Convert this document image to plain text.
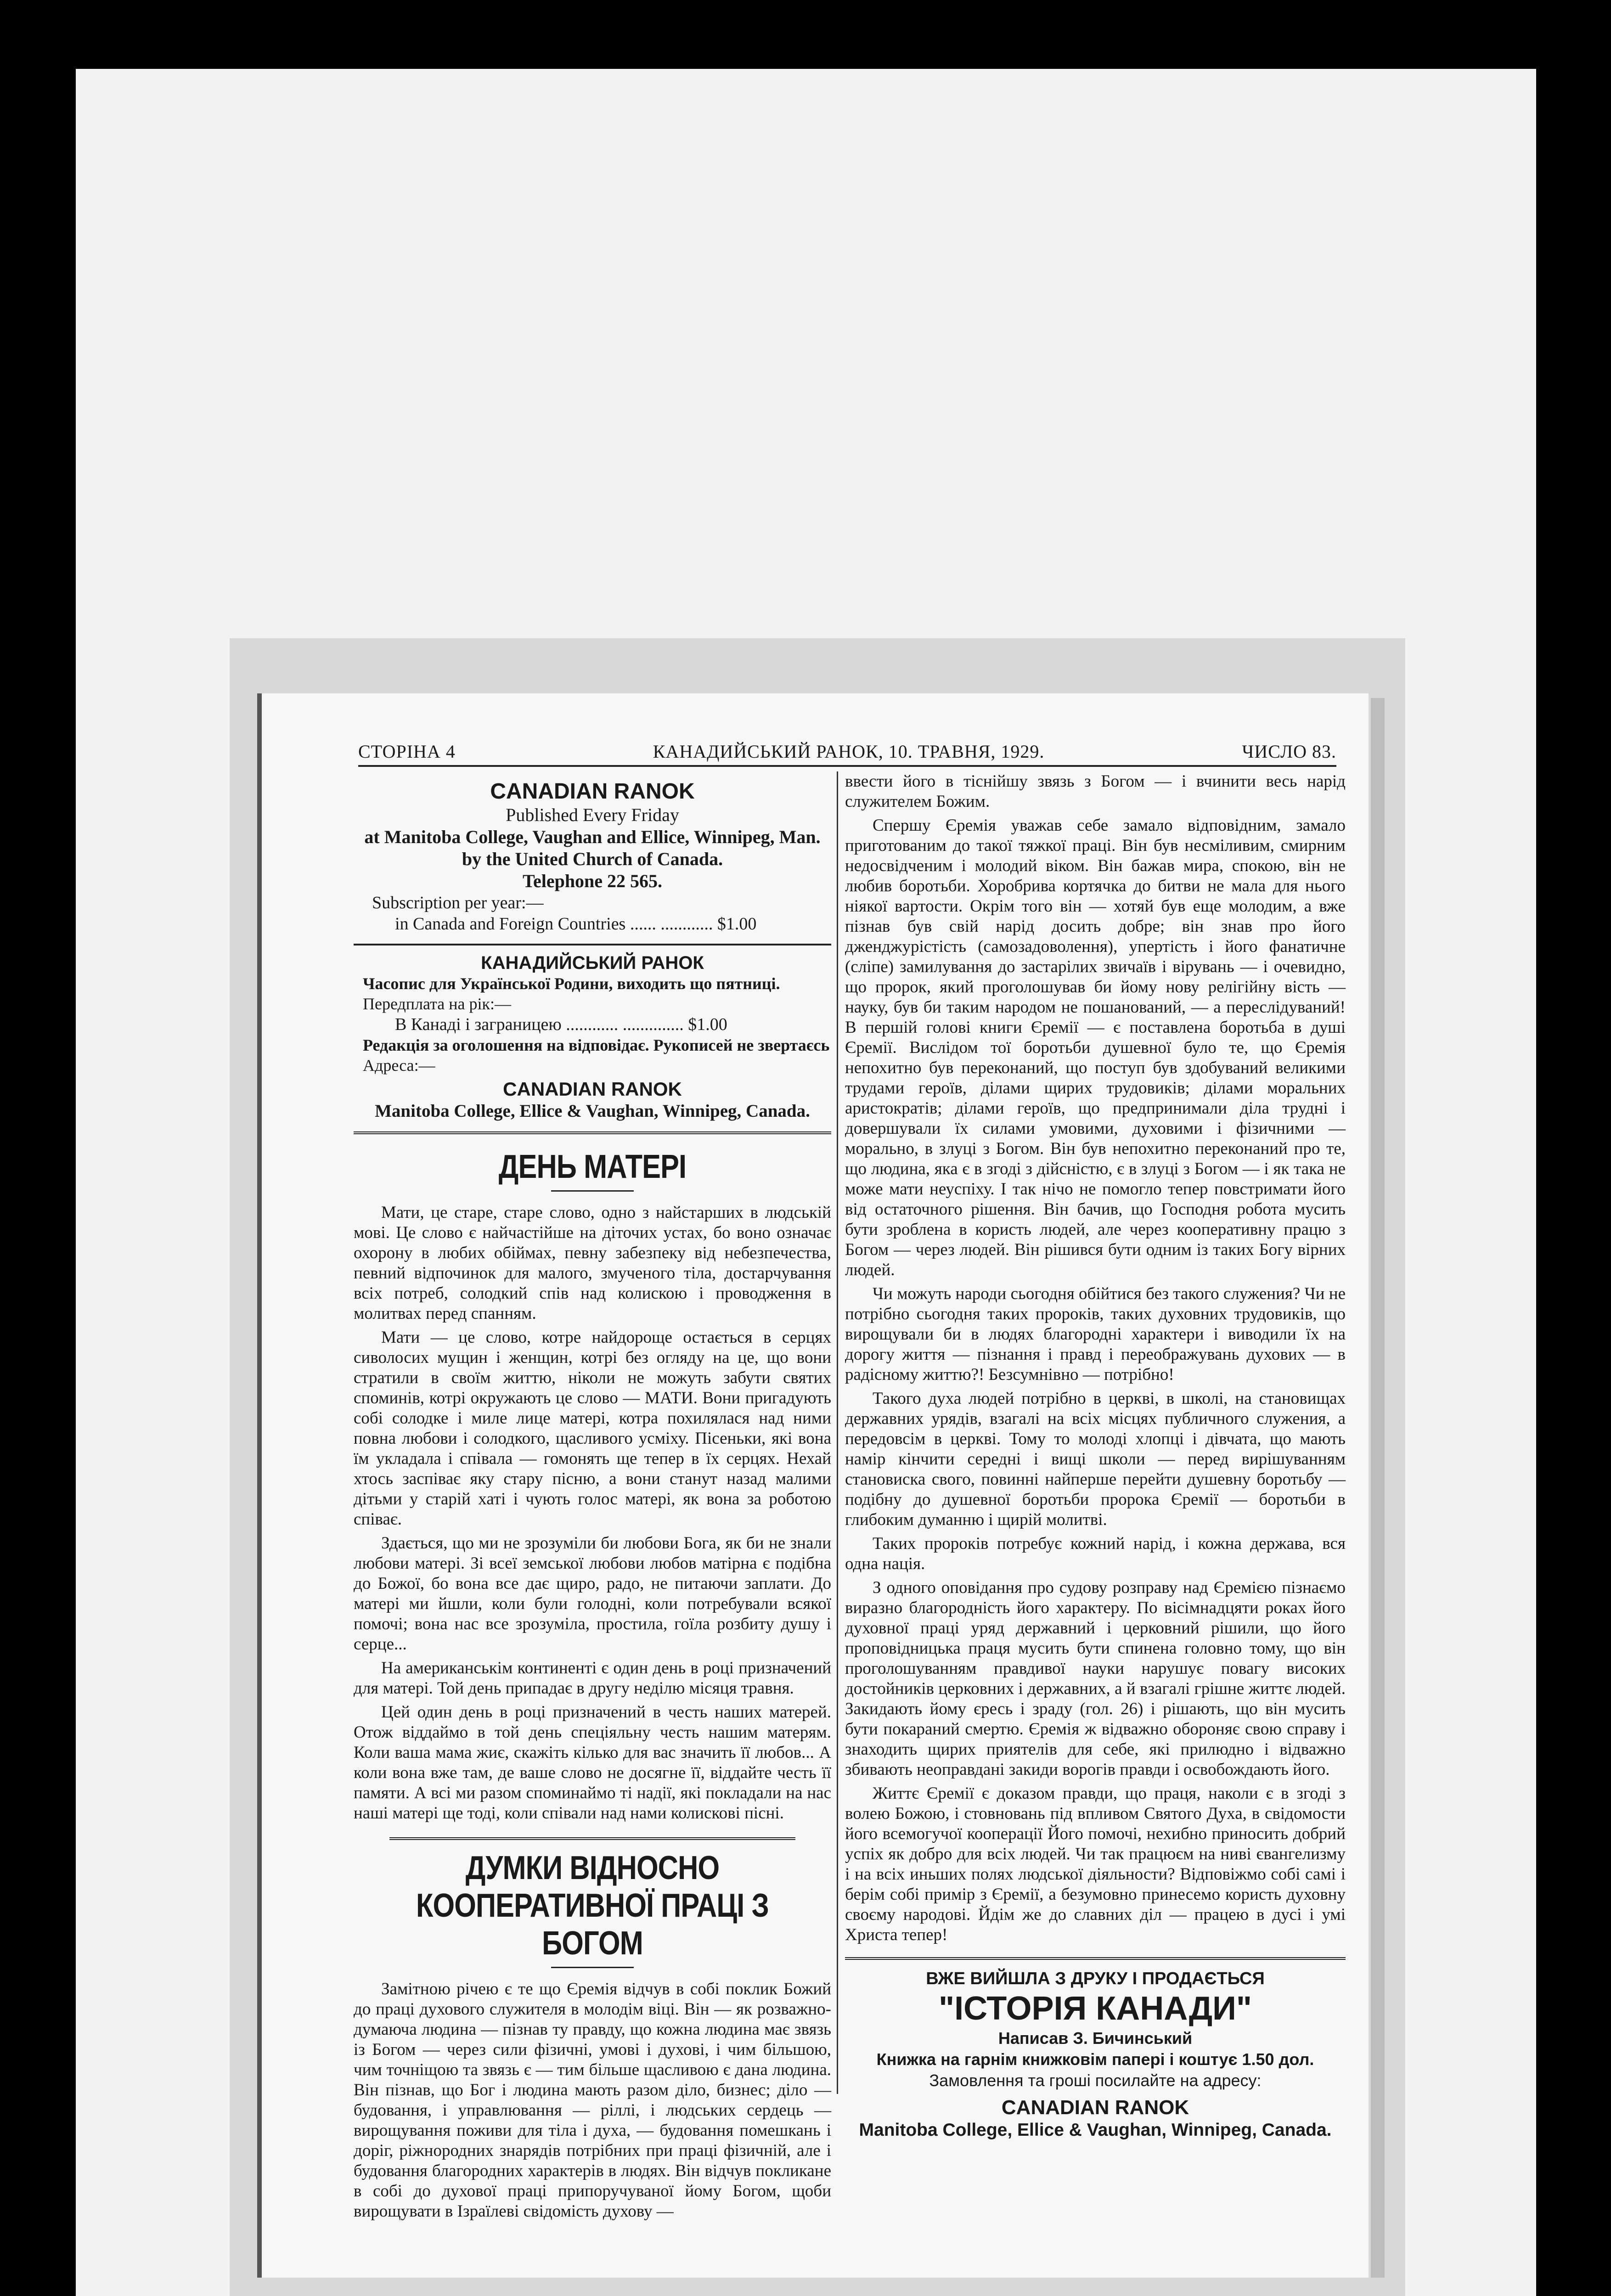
СТОРІНА 4	КАНАДИЙСЬКИЙ РАНОК, 10. ТРАВНЯ, 1929.	ЧИСЛО 83.
CANADIAN RANOK
Published Every Friday
at Manitoba College, Vaughan and Ellice, Winnipeg, Man.
by the United Church of Canada.
Telephone 22 565.
Subscription per year:—
in Canada and Foreign Countries ...... ............ $1.00
КАНАДИЙСЬКИЙ РАНОК
Часопис для Української Родини, виходить що пятниці.
Передплата на рік:—
В Канаді і заграницею ............ .............. $1.00
Редакція за оголошення на відповідає. Рукописей не звертаєсь
Адреса:—
CANADIAN RANOK
Manitoba College, Ellice & Vaughan, Winnipeg, Canada.
ДЕНЬ МАТЕРІ

Мати, це старе, старе слово, одно з найстарших в людській мові. Це слово є найчастійше на діточих устах, бо воно означає охорону в любих обіймах, певну забезпеку від небезпечества, певний відпочинок для малого, змученого тіла, достарчування всіх потреб, солодкий спів над колискою і проводження в молитвах перед спанням.

Мати — це слово, котре найдороще остається в серцях сиволосих мущин і женщин, котрі без огляду на це, що вони стратили в своїм життю, ніколи не можуть забути святих споминів, котрі окружають це слово — МАТИ. Вони пригадують собі солодке і миле лице матері, котра похилялася над ними повна любови і солодкого, щасливого усміху. Пісеньки, які вона їм укладала і співала — гомонять ще тепер в їх серцях. Нехай хтось заспіває яку стару пісню, а вони станут назад малими дітьми у старій хаті і чують голос матері, як вона за роботою співає.

Здається, що ми не зрозуміли би любови Бога, як би не знали любови матері. Зі всеї земської любови любов матірна є подібна до Божої, бо вона все дає щиро, радо, не питаючи заплати. До матері ми йшли, коли були голодні, коли потребували всякої помочі; вона нас все зрозуміла, простила, гоїла розбиту душу і серце...

На американськім континенті є один день в році призначений для матері. Той день припадає в другу неділю місяця травня.

Цей один день в році призначений в честь наших матерей. Отож віддаймо в той день спеціяльну честь нашим матерям. Коли ваша мама жиє, скажіть кілько для вас значить її любов... А коли вона вже там, де ваше слово не досягне її, віддайте честь її памяти. А всі ми разом споминаймо ті надії, які покладали на нас наші матері ще тоді, коли співали над нами колискові пісні.

ДУМКИ ВІДНОСНО КООПЕРАТИВНОЇ ПРАЦІ З БОГОМ

Замітною річею є те що Єремія відчув в собі поклик Божий до праці духового служителя в молодім віці. Він — як розважно-думаюча людина — пізнав ту правду, що кожна людина має звязь із Богом — через сили фізичні, умові і духові, і чим більшою, чим точніщою та звязь є — тим більше щасливою є дана людина. Він пізнав, що Бог і людина мають разом діло, бизнес; діло — будовання, і управлювання — ріллі, і людських сердець — вирощування поживи для тіла і духа, — будовання помешкань і доріг, ріжнородних знарядів потрібних при праці фізичній, але і будовання благородних характерів в людях. Він відчув покликане в собі до духової праці припоручуваної йому Богом, щоби вирощувати в Ізраїлеві свідомість духову —

ввести його в тіснійшу звязь з Богом — і вчинити весь нарід служителем Божим.

Спершу Єремія уважав себе замало відповідним, замало приготованим до такої тяжкої праці. Він був несміливим, смирним недосвідченим і молодий віком. Він бажав мира, спокою, він не любив боротьби. Хоробрива кортячка до битви не мала для нього ніякої вартости. Окрім того він — хотяй був еще молодим, а вже пізнав був свій нарід досить добре; він знав про його дженджурістість (самозадоволення), упертість і його фанатичне (сліпе) замилування до застарілих звичаїв і вірувань — і очевидно, що пророк, який проголошував би йому нову релігійну вість — науку, був би таким народом не пошанований, — а переслідуваний! В першій голові книги Єремії — є поставлена боротьба в душі Єремії. Вислідом тої боротьби душевної було те, що Єремія непохитно був переконаний, що поступ був здобуваний великими трудами героїв, ділами щирих трудовиків; ділами моральних аристократів; ділами героїв, що предпринимали діла трудні і довершували їх силами умовими, духовими і фізичними — морально, в злуці з Богом. Він був непохитно переконаний про те, що людина, яка є в згоді з дійсністю, є в злуці з Богом — і як така не може мати неуспіху. І так нічо не помогло тепер повстримати його від остаточного рішення. Він бачив, що Господня робота мусить бути зроблена в користь людей, але через кооперативну працю з Богом — через людей. Він рішився бути одним із таких Богу вірних людей.

Чи можуть народи сьогодня обійтися без такого служения? Чи не потрібно сьогодня таких пророків, таких духовних трудовиків, що вирощували би в людях благородні характери і виводили їх на дорогу життя — пізнання і правд і переображувань духових — в радісному життю?! Безсумнівно — потрібно!

Такого духа людей потрібно в церкві, в школі, на становищах державних урядів, взагалі на всіх місцях публичного служения, а передовсім в церкві. Тому то молоді хлопці і дівчата, що мають намір кінчити середні і вищі школи — перед вирішуванням становиска свого, повинні найперше перейти душевну боротьбу — подібну до душевної боротьби пророка Єремії — боротьби в глибоким думанню і щирій молитві.

Таких пророків потребує кожний нарід, і кожна держава, вся одна нація.

З одного оповідання про судову розправу над Єремією пізнаємо виразно благородність його характеру. По вісімнадцяти роках його духовної праці уряд державний і церковний рішили, що його проповідницька праця мусить бути спинена головно тому, що він проголошуванням правдивої науки нарушує повагу високих достойників церковних і державних, а й взагалі грішне життє людей. Закидають йому єресь і зраду (гол. 26) і рішають, що він мусить бути покараний смертю. Єремія ж відважно обороняє свою справу і знаходить щирих приятелів для себе, які прилюдно і відважно збивають неоправдані закиди ворогів правди і освобождають його.

Життє Єремії є доказом правди, що праця, наколи є в згоді з волею Божою, і стовновань під впливом Святого Духа, в свідомости його всемогучої кооперації Його помочі, нехибно приносить добрий успіх як добро для всіх людей. Чи так працюєм на ниві євангелизму і на всіх иньших полях людської діяльности? Відповіжмо собі самі і берім собі примір з Єремії, а безумовно принесемо користь духовну своєму народові. Йдім же до славних діл — працею в дусі і умі Христа тепер!

ВЖЕ ВИЙШЛА З ДРУКУ І ПРОДАЄТЬСЯ
"ІСТОРІЯ КАНАДИ"
Написав З. Бичинський
Книжка на гарнім книжковім папері і коштує 1.50 дол.
Замовлення та гроші посилайте на адресу:
CANADIAN RANOK
Manitoba College, Ellice & Vaughan, Winnipeg, Canada.
